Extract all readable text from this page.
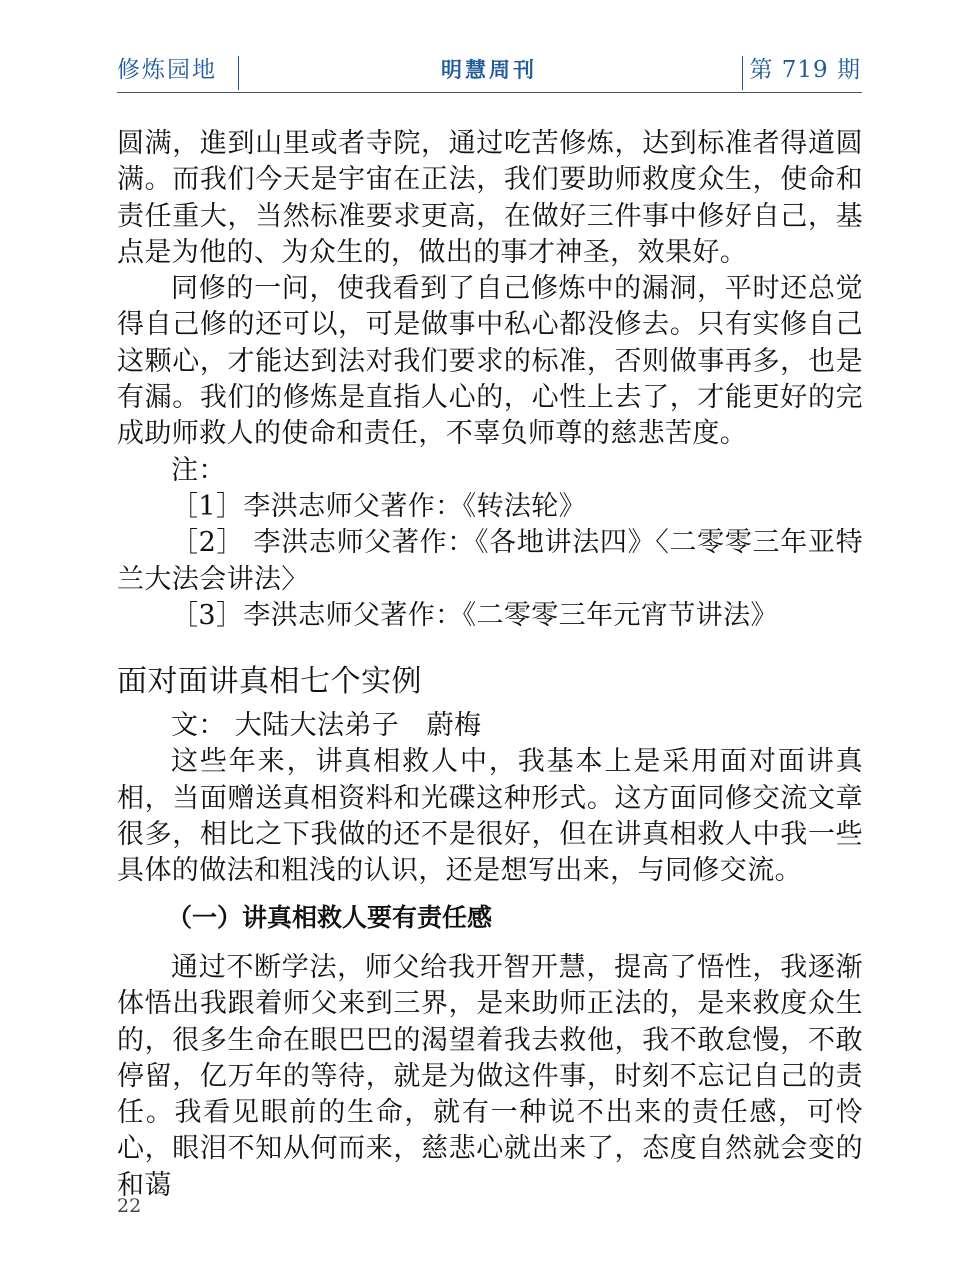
修炼园地	明慧周刊	第 719 期

圆满，進到山里或者寺院，通过吃苦修炼，达到标准者得道圆满。而我们今天是宇宙在正法，我们要助师救度众生，使命和责任重大，当然标准要求更高，在做好三件事中修好自己，基点是为他的、为众生的，做出的事才神圣，效果好。

同修的一问，使我看到了自己修炼中的漏洞，平时还总觉得自己修的还可以，可是做事中私心都没修去。只有实修自己这颗心，才能达到法对我们要求的标准，否则做事再多，也是有漏。我们的修炼是直指人心的，心性上去了，才能更好的完成助师救人的使命和责任，不辜负师尊的慈悲苦度。

注：

［1］李洪志师父著作：《转法轮》

［2］ 李洪志师父著作：《各地讲法四》〈二零零三年亚特兰大法会讲法〉

［3］李洪志师父著作：《二零零三年元宵节讲法》

面对面讲真相七个实例

文： 大陆大法弟子　蔚梅

这些年来，讲真相救人中，我基本上是采用面对面讲真相，当面赠送真相资料和光碟这种形式。这方面同修交流文章很多，相比之下我做的还不是很好，但在讲真相救人中我一些具体的做法和粗浅的认识，还是想写出来，与同修交流。

（一）讲真相救人要有责任感

通过不断学法，师父给我开智开慧，提高了悟性，我逐渐体悟出我跟着师父来到三界，是来助师正法的，是来救度众生的，很多生命在眼巴巴的渴望着我去救他，我不敢怠慢，不敢停留，亿万年的等待，就是为做这件事，时刻不忘记自己的责任。我看见眼前的生命，就有一种说不出来的责任感，可怜心，眼泪不知从何而来，慈悲心就出来了，态度自然就会变的和蔼

22
